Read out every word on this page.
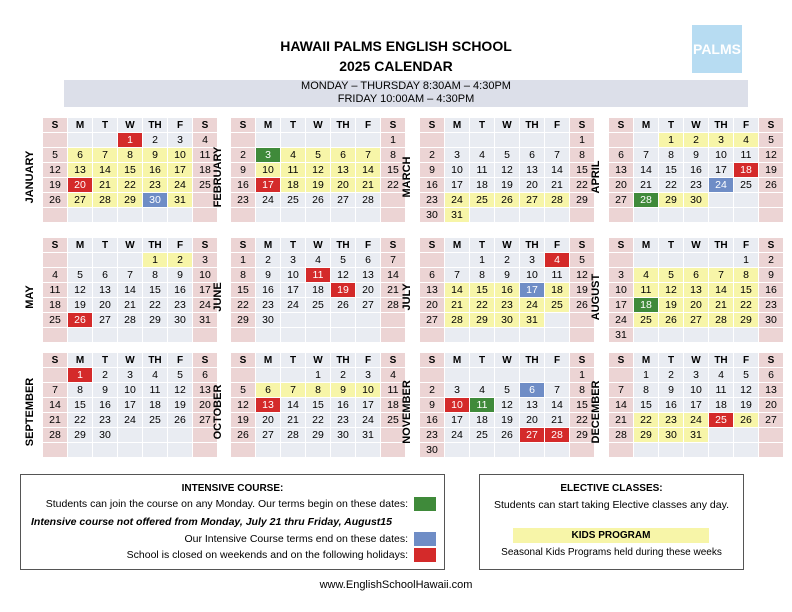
HAWAII PALMS ENGLISH SCHOOL
2025 CALENDAR
PALMS
MONDAY – THURSDAY 8:30AM – 4:30PM
FRIDAY 10:00AM – 4:30PM
JANUARY
S	M	T	W	TH	F	S
			1	2	3	4
5	6	7	8	9	10	11
12	13	14	15	16	17	18
19	20	21	22	23	24	25
26	27	28	29	30	31	
						FEBRUARY
S	M	T	W	TH	F	S
						1
2	3	4	5	6	7	8
9	10	11	12	13	14	15
16	17	18	19	20	21	22
23	24	25	26	27	28	

MARCH
S	M	T	W	TH	F	S
						1
2	3	4	5	6	7	8
9	10	11	12	13	14	15
16	17	18	19	20	21	22
23	24	25	26	27	28	29
30	31					
APRIL
S	M	T	W	TH	F	S
		1	2	3	4	5
6	7	8	9	10	11	12
13	14	15	16	17	18	19
20	21	22	23	24	25	26
27	28	29	30			

MAY
S	M	T	W	TH	F	S
				1	2	3
4	5	6	7	8	9	10
11	12	13	14	15	16	17
18	19	20	21	22	23	24
25	26	27	28	29	30	31

JUNE
S	M	T	W	TH	F	S
1	2	3	4	5	6	7
8	9	10	11	12	13	14
15	16	17	18	19	20	21
22	23	24	25	26	27	28
29	30					

JULY
S	M	T	W	TH	F	S
		1	2	3	4	5
6	7	8	9	10	11	12
13	14	15	16	17	18	19
20	21	22	23	24	25	26
27	28	29	30	31		
							AUGUST
S	M	T	W	TH	F	S
					1	2
3	4	5	6	7	8	9
10	11	12	13	14	15	16
17	18	19	20	21	22	23
24	25	26	27	28	29	30
31						
SEPTEMBER
S	M	T	W	TH	F	S
	1	2	3	4	5	6
7	8	9	10	11	12	13
14	15	16	17	18	19	20
21	22	23	24	25	26	27
28	29	30				
							OCTOBER
S	M	T	W	TH	F	S
			1	2	3	4
5	6	7	8	9	10	11
12	13	14	15	16	17	18
19	20	21	22	23	24	25
26	27	28	29	30	31	
						NOVEMBER
S	M	T	W	TH	F	S
						1
2	3	4	5	6	7	8
9	10	11	12	13	14	15
16	17	18	19	20	21	22
23	24	25	26	27	28	29
30						
DECEMBER
S	M	T	W	TH	F	S
	1	2	3	4	5	6
7	8	9	10	11	12	13
14	15	16	17	18	19	20
21	22	23	24	25	26	27
28	29	30	31			

INTENSIVE COURSE:
Students can join the course on any Monday. Our terms begin on these dates:
Intensive course not offered from Monday, July 21 thru Friday, August15
Our Intensive Course terms end on these dates:
School is closed on weekends and on the following holidays:
ELECTIVE CLASSES:
Students can start taking Elective classes any day.
KIDS PROGRAM
Seasonal Kids Programs held during these weeks
www.EnglishSchoolHawaii.com
